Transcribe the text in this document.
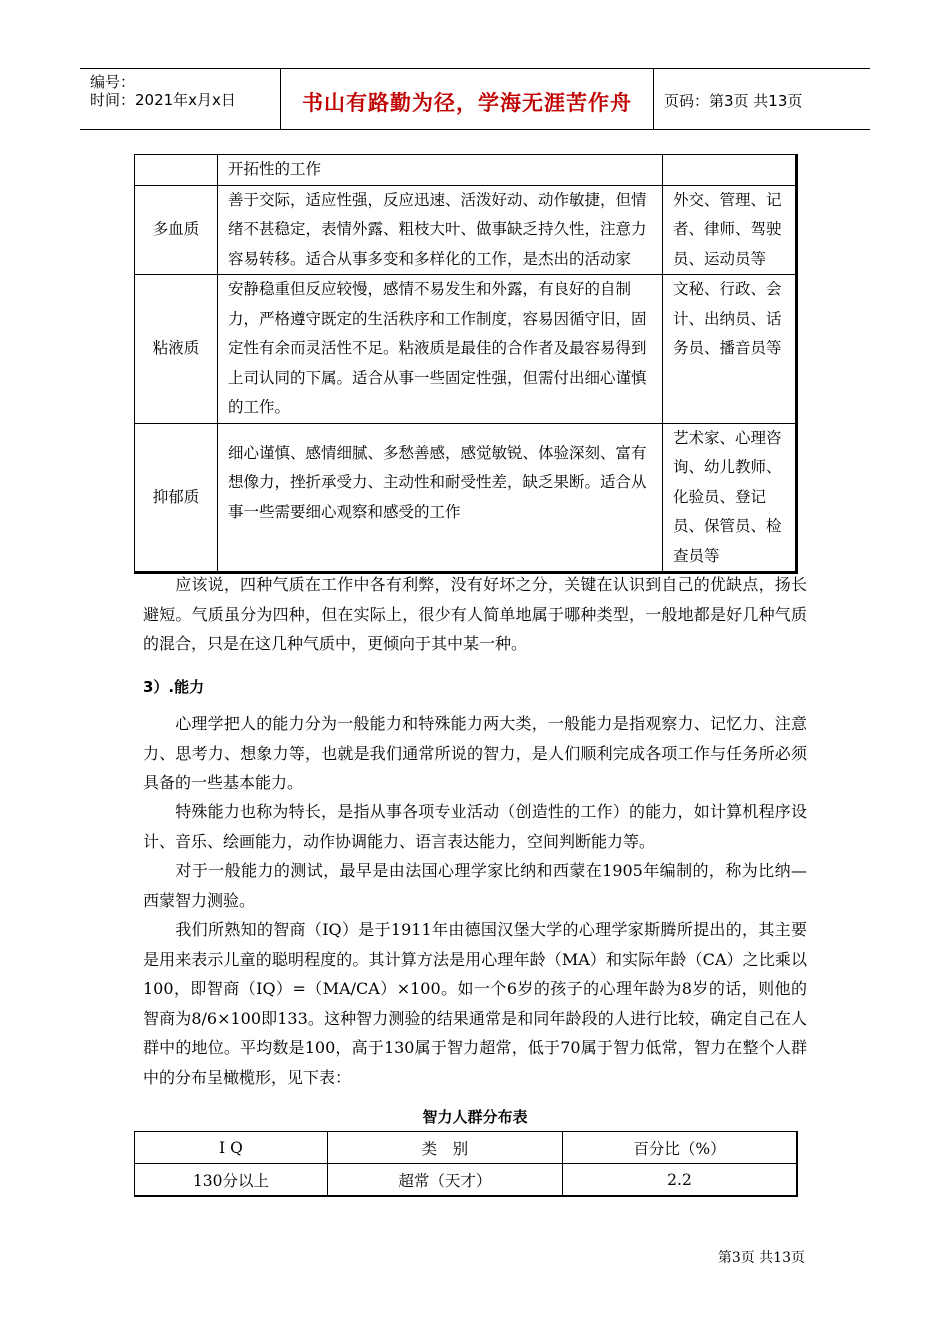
编号：
时间：2021年x月x日	书山有路勤为径，学海无涯苦作舟	页码：第3页 共13页
	开拓性的工作	
多血质	善于交际，适应性强，反应迅速、活泼好动、动作敏捷，但情绪不甚稳定，表情外露、粗枝大叶、做事缺乏持久性，注意力容易转移。适合从事多变和多样化的工作，是杰出的活动家	外交、管理、记者、律师、驾驶员、运动员等
粘液质	安静稳重但反应较慢，感情不易发生和外露，有良好的自制力，严格遵守既定的生活秩序和工作制度，容易因循守旧，固定性有余而灵活性不足。粘液质是最佳的合作者及最容易得到上司认同的下属。适合从事一些固定性强，但需付出细心谨慎的工作。	文秘、行政、会计、出纳员、话务员、播音员等
抑郁质	细心谨慎、感情细腻、多愁善感，感觉敏锐、体验深刻、富有想像力，挫折承受力、主动性和耐受性差，缺乏果断。适合从事一些需要细心观察和感受的工作	艺术家、心理咨询、幼儿教师、化验员、登记员、保管员、检查员等
应该说，四种气质在工作中各有利弊，没有好坏之分，关键在认识到自己的优缺点，扬长避短。气质虽分为四种，但在实际上，很少有人简单地属于哪种类型，一般地都是好几种气质的混合，只是在这几种气质中，更倾向于其中某一种。
3）.能力
心理学把人的能力分为一般能力和特殊能力两大类，一般能力是指观察力、记忆力、注意力、思考力、想象力等，也就是我们通常所说的智力，是人们顺利完成各项工作与任务所必须具备的一些基本能力。
特殊能力也称为特长，是指从事各项专业活动（创造性的工作）的能力，如计算机程序设计、音乐、绘画能力，动作协调能力、语言表达能力，空间判断能力等。
对于一般能力的测试，最早是由法国心理学家比纳和西蒙在1905年编制的，称为比纳—西蒙智力测验。
我们所熟知的智商（IQ）是于1911年由德国汉堡大学的心理学家斯腾所提出的，其主要是用来表示儿童的聪明程度的。其计算方法是用心理年龄（MA）和实际年龄（CA）之比乘以100，即智商（IQ）=（MA/CA）×100。如一个6岁的孩子的心理年龄为8岁的话，则他的智商为8/6×100即133。这种智力测验的结果通常是和同年龄段的人进行比较，确定自己在人群中的地位。平均数是100，高于130属于智力超常，低于70属于智力低常，智力在整个人群中的分布呈橄榄形，见下表：
智力人群分布表
I Q	类　别	百分比（%）
130分以上	超常（天才）	2.2
第3页 共13页
